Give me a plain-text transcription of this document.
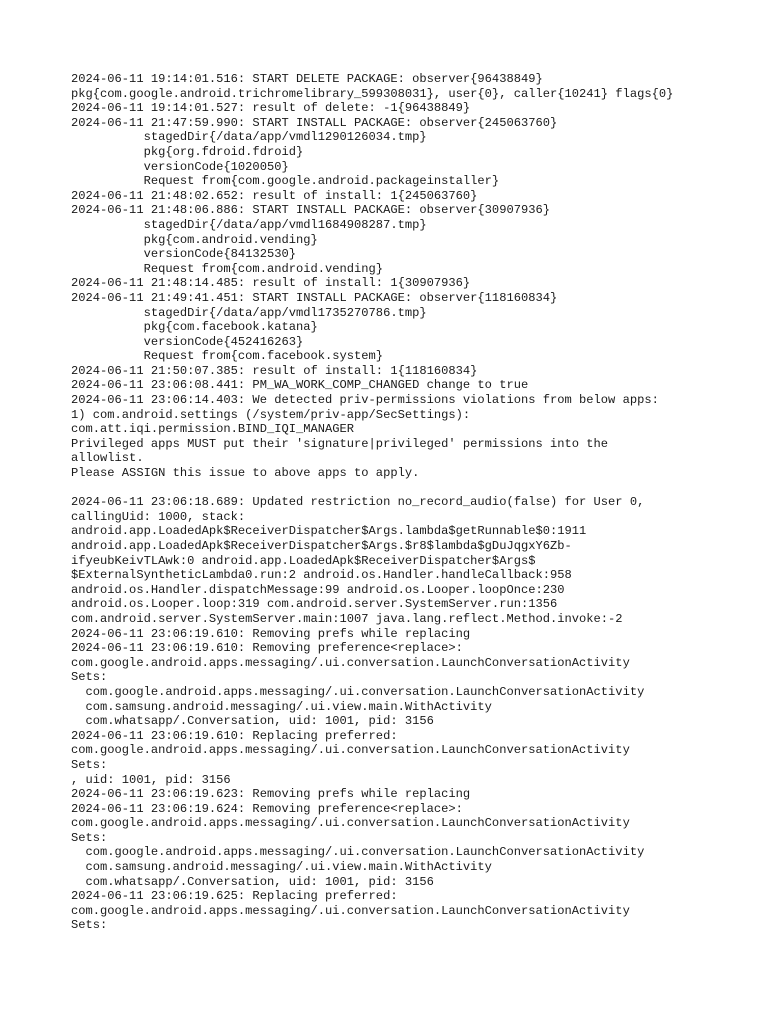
2024-06-11 19:14:01.516: START DELETE PACKAGE: observer{96438849}
pkg{com.google.android.trichromelibrary_599308031}, user{0}, caller{10241} flags{0}
2024-06-11 19:14:01.527: result of delete: -1{96438849}
2024-06-11 21:47:59.990: START INSTALL PACKAGE: observer{245063760}
stagedDir{/data/app/vmdl1290126034.tmp}
pkg{org.fdroid.fdroid}
versionCode{1020050}
Request from{com.google.android.packageinstaller}
2024-06-11 21:48:02.652: result of install: 1{245063760}
2024-06-11 21:48:06.886: START INSTALL PACKAGE: observer{30907936}
stagedDir{/data/app/vmdl1684908287.tmp}
pkg{com.android.vending}
versionCode{84132530}
Request from{com.android.vending}
2024-06-11 21:48:14.485: result of install: 1{30907936}
2024-06-11 21:49:41.451: START INSTALL PACKAGE: observer{118160834}
stagedDir{/data/app/vmdl1735270786.tmp}
pkg{com.facebook.katana}
versionCode{452416263}
Request from{com.facebook.system}
2024-06-11 21:50:07.385: result of install: 1{118160834}
2024-06-11 23:06:08.441: PM_WA_WORK_COMP_CHANGED change to true
2024-06-11 23:06:14.403: We detected priv-permissions violations from below apps:
1) com.android.settings (/system/priv-app/SecSettings):
com.att.iqi.permission.BIND_IQI_MANAGER
Privileged apps MUST put their 'signature|privileged' permissions into the
allowlist.
Please ASSIGN this issue to above apps to apply.
2024-06-11 23:06:18.689: Updated restriction no_record_audio(false) for User 0,
callingUid: 1000, stack:
android.app.LoadedApk$ReceiverDispatcher$Args.lambda$getRunnable$0:1911
android.app.LoadedApk$ReceiverDispatcher$Args.$r8$lambda$gDuJqgxY6Zb-
ifyeubKeivTLAwk:0 android.app.LoadedApk$ReceiverDispatcher$Args$
$ExternalSyntheticLambda0.run:2 android.os.Handler.handleCallback:958
android.os.Handler.dispatchMessage:99 android.os.Looper.loopOnce:230
android.os.Looper.loop:319 com.android.server.SystemServer.run:1356
com.android.server.SystemServer.main:1007 java.lang.reflect.Method.invoke:-2
2024-06-11 23:06:19.610: Removing prefs while replacing
2024-06-11 23:06:19.610: Removing preference<replace>:
com.google.android.apps.messaging/.ui.conversation.LaunchConversationActivity
Sets:
com.google.android.apps.messaging/.ui.conversation.LaunchConversationActivity
com.samsung.android.messaging/.ui.view.main.WithActivity
com.whatsapp/.Conversation, uid: 1001, pid: 3156
2024-06-11 23:06:19.610: Replacing preferred:
com.google.android.apps.messaging/.ui.conversation.LaunchConversationActivity
Sets:
, uid: 1001, pid: 3156
2024-06-11 23:06:19.623: Removing prefs while replacing
2024-06-11 23:06:19.624: Removing preference<replace>:
com.google.android.apps.messaging/.ui.conversation.LaunchConversationActivity
Sets:
com.google.android.apps.messaging/.ui.conversation.LaunchConversationActivity
com.samsung.android.messaging/.ui.view.main.WithActivity
com.whatsapp/.Conversation, uid: 1001, pid: 3156
2024-06-11 23:06:19.625: Replacing preferred:
com.google.android.apps.messaging/.ui.conversation.LaunchConversationActivity
Sets:
